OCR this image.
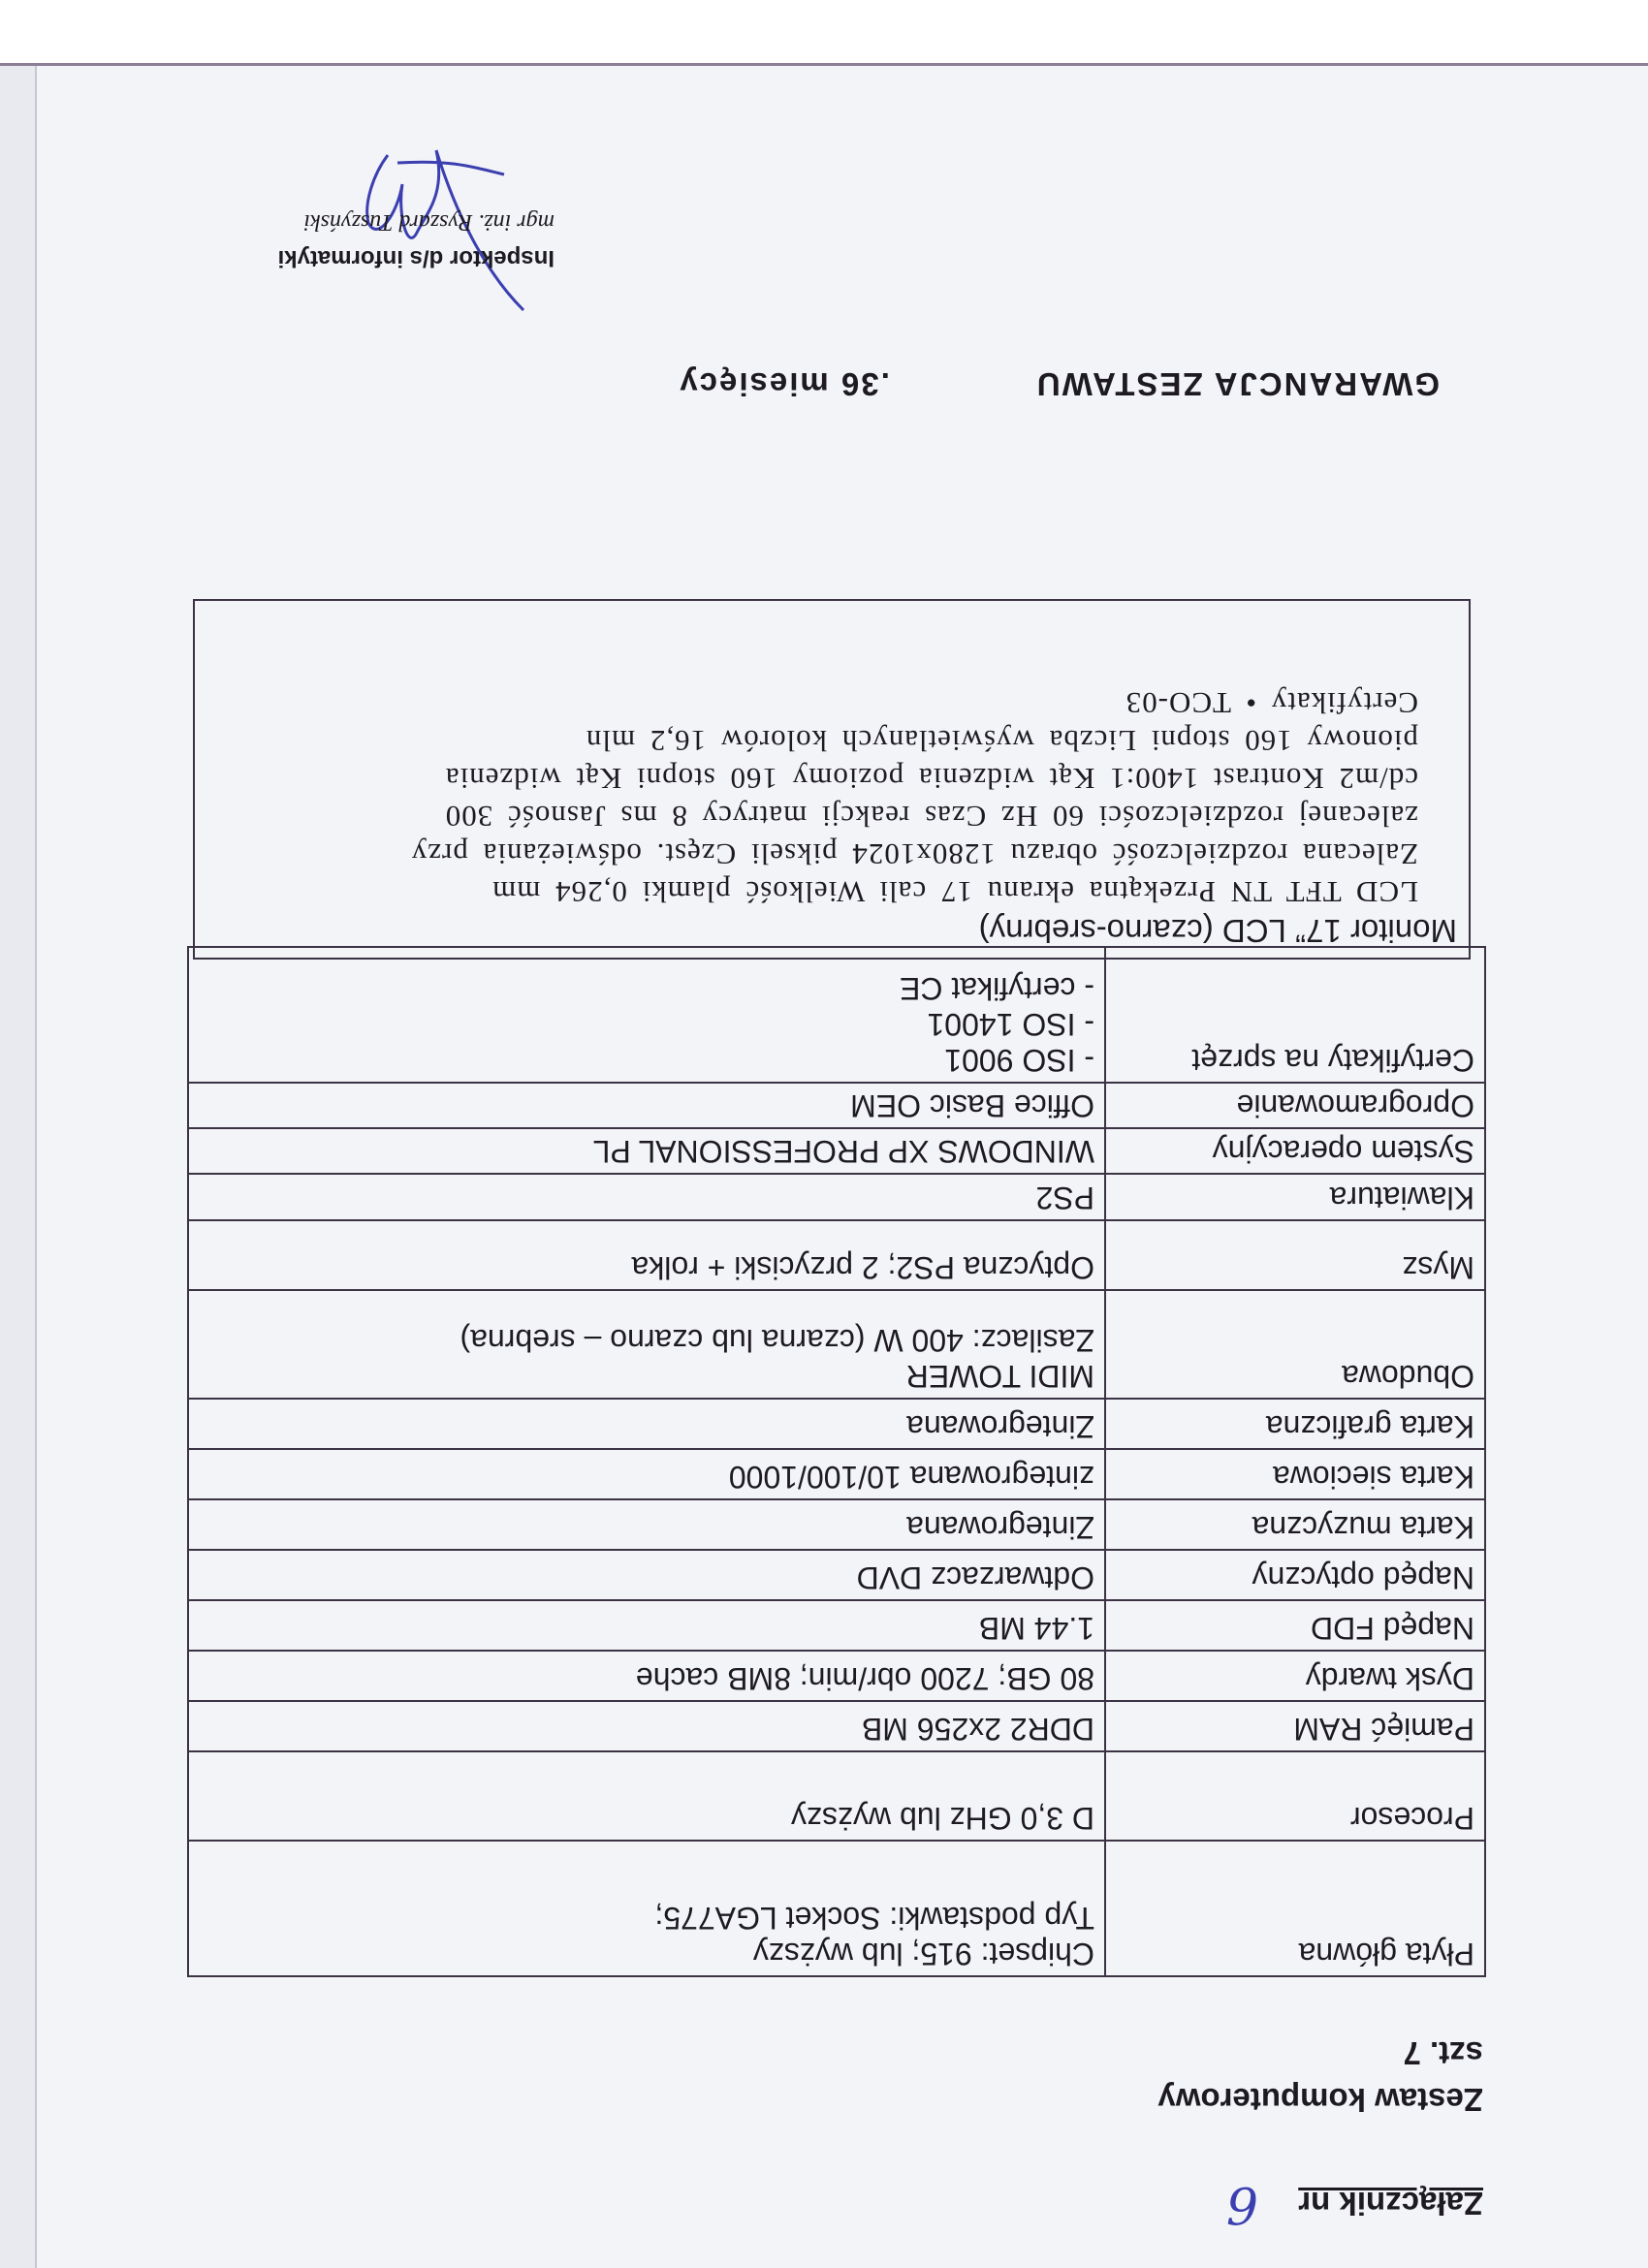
Załącznik nr
6
Zestaw komputerowy
szt. 7
Płyta główna	Chipset: 915; lub wyższy
Typ podstawki: Socket LGA775;

Procesor	D 3,0 GHz lub wyższy

Pamięć RAM	DDR2 2x256 MB

Dysk twardy	80 GB; 7200 obr/min; 8MB cache

Napęd FDD	1.44 MB

Napęd optyczny	Odtwarzacz DVD

Karta muzyczna	Zintegrowana

Karta sieciowa	zintegrowana 10/100/1000

Karta graficzna	Zintegrowana

Obudowa	MIDI TOWER
Zasilacz: 400 W (czarna lub czarno – srebrna)

Mysz	Optyczna PS2; 2 przyciski + rolka

Klawiatura	PS2

System operacyjny	WINDOWS XP PROFESSIONAL PL

Oprogramowanie	Office Basic OEM

Certyfikaty na sprzęt	- ISO 9001
- ISO 14001
- certyfikat CE
Monitor 17” LCD (czarno-srebrny)
LCD TFT TN Przekątna ekranu 17 cali Wielkość plamki 0,264 mm
Zalecana rozdzielczość obrazu 1280x1024 pikseli Częst. odświeżania przy
zalecanej rozdzielczości 60 Hz Czas reakcji matrycy 8 ms Jasność 300
cd/m2 Kontrast 1400:1 Kąt widzenia poziomy 160 stopni Kąt widzenia
pionowy 160 stopni Liczba wyświetlanych kolorów 16,2 mln
Certyfikaty • TCO-03
GWARANCJA ZESTAWU.36 miesięcy
Inspektor d/s informatyki
mgr inż. Ryszard Tuszyński
